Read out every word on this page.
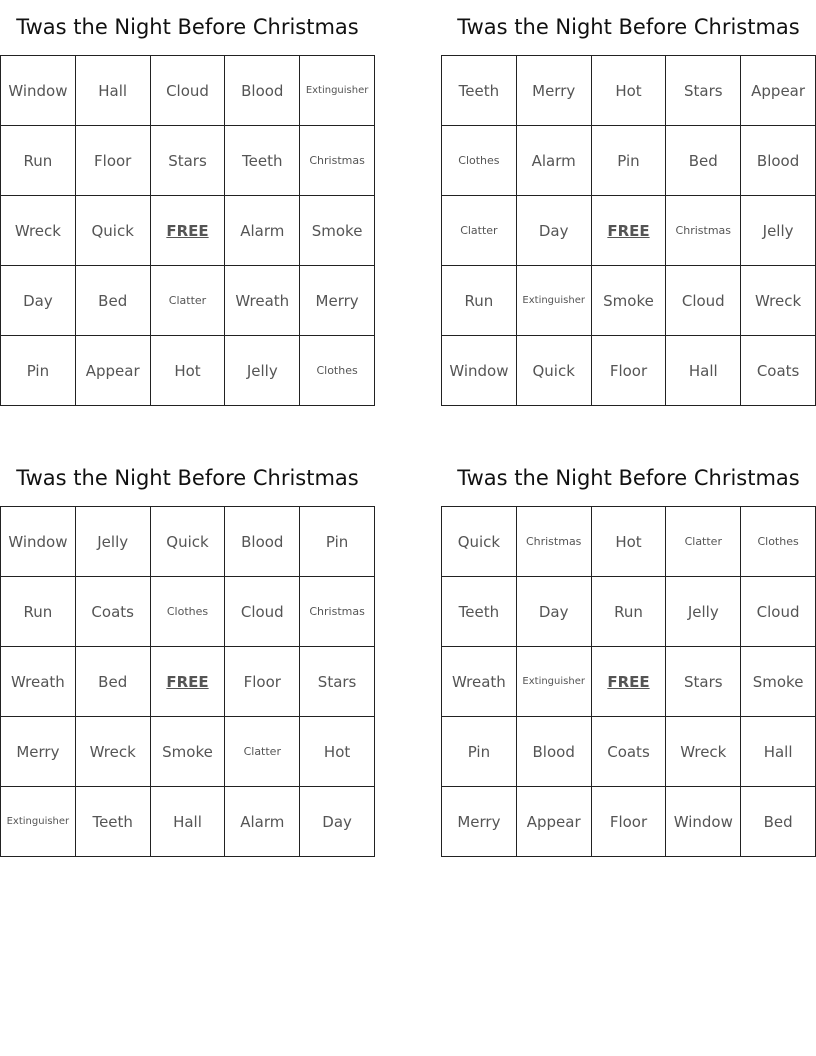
Twas the Night Before Christmas
Window	Hall	Cloud	Blood	Extinguisher
Run	Floor	Stars	Teeth	Christmas
Wreck	Quick	FREE	Alarm	Smoke
Day	Bed	Clatter	Wreath	Merry
Pin	Appear	Hot	Jelly	Clothes
Twas the Night Before Christmas
Teeth	Merry	Hot	Stars	Appear
Clothes	Alarm	Pin	Bed	Blood
Clatter	Day	FREE	Christmas	Jelly
Run	Extinguisher	Smoke	Cloud	Wreck
Window	Quick	Floor	Hall	Coats
Twas the Night Before Christmas
Window	Jelly	Quick	Blood	Pin
Run	Coats	Clothes	Cloud	Christmas
Wreath	Bed	FREE	Floor	Stars
Merry	Wreck	Smoke	Clatter	Hot
Extinguisher	Teeth	Hall	Alarm	Day
Twas the Night Before Christmas
Quick	Christmas	Hot	Clatter	Clothes
Teeth	Day	Run	Jelly	Cloud
Wreath	Extinguisher	FREE	Stars	Smoke
Pin	Blood	Coats	Wreck	Hall
Merry	Appear	Floor	Window	Bed
